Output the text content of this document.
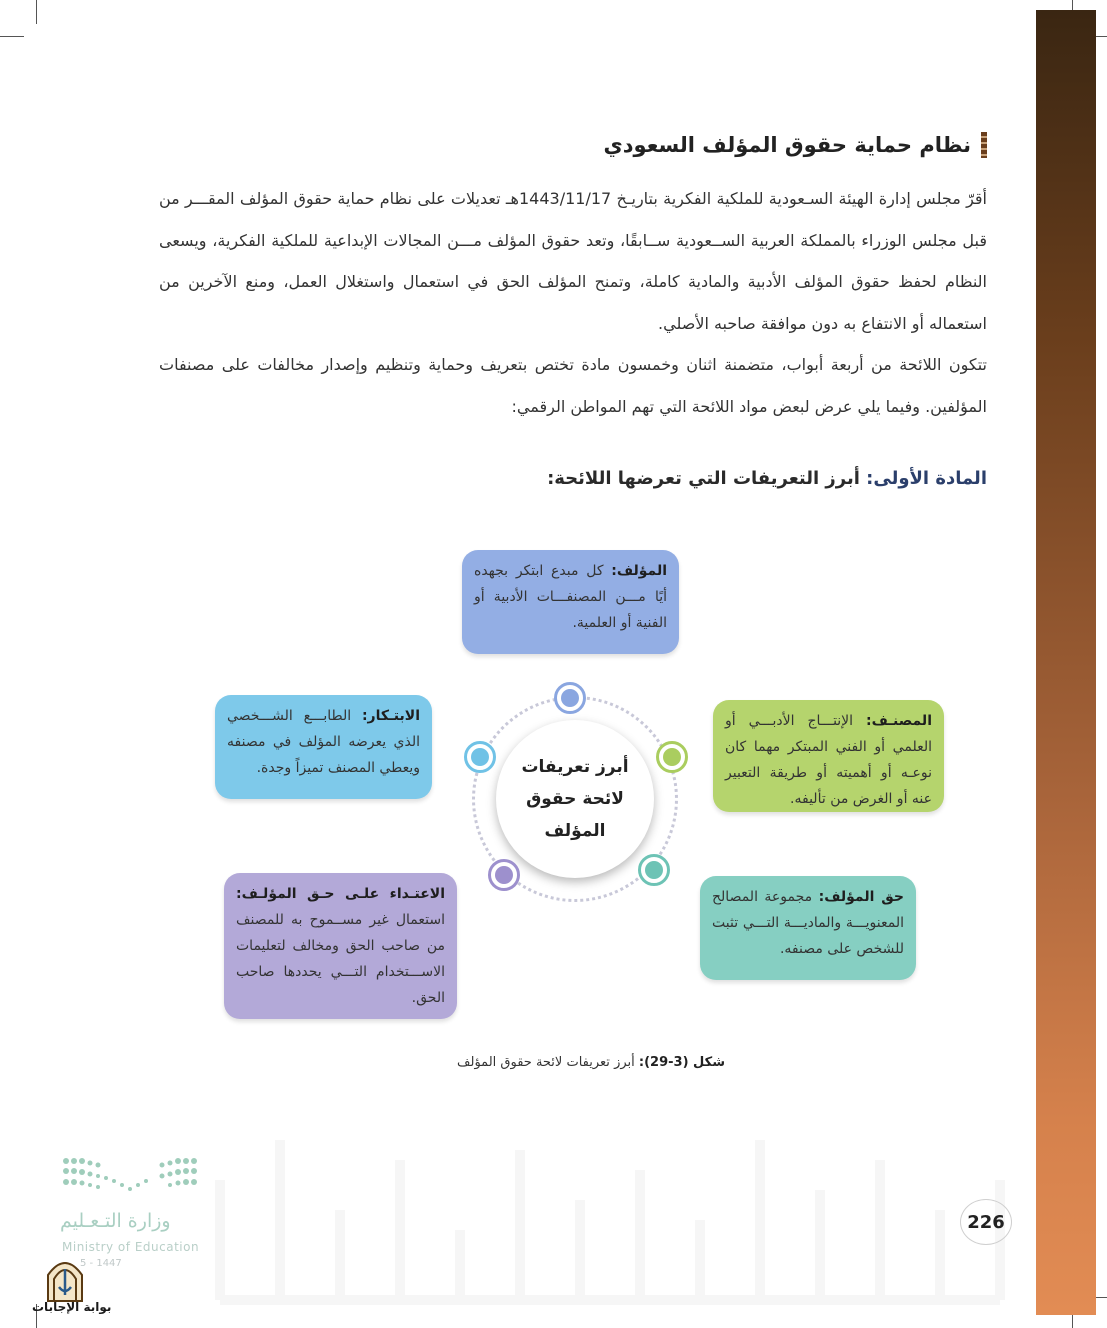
نظام حماية حقوق المؤلف السعودي

أقرّ مجلس إدارة الهيئة السـعودية للملكية الفكرية بتاريـخ 1443/11/17هـ تعديلات على نظام حماية حقوق المؤلف المقـــر من قبل مجلس الوزراء بالمملكة العربية الســعودية ســابقًا، وتعد حقوق المؤلف مـــن المجالات الإبداعية للملكية الفكرية، ويسعى النظام لحفظ حقوق المؤلف الأدبية والمادية كاملة، وتمنح المؤلف الحق في استعمال واستغلال العمل، ومنع الآخرين من استعماله أو الانتفاع به دون موافقة صاحبه الأصلي.

تتكون اللائحة من أربعة أبواب، متضمنة اثنان وخمسون مادة تختص بتعريف وحماية وتنظيم وإصدار مخالفات على مصنفات المؤلفين. وفيما يلي عرض لبعض مواد اللائحة التي تهم المواطن الرقمي:

المادة الأولى: أبرز التعريفات التي تعرضها اللائحة:
المؤلف: كل مبدع ابتكر بجهده أيًا مـــن المصنفـــات الأدبية أو الفنية أو العلمية.
المصنـف: الإنتـــاج الأدبـــي أو العلمي أو الفني المبتكر مهما كان نوعـه أو أهميته أو طريقة التعبير عنه أو الغرض من تأليفه.
الابتـكار: الطابـــع الشـــخصي الذي يعرضه المؤلف في مصنفه ويعطي المصنف تميزاً وجدة.
حق المؤلف: مجموعة المصالح المعنويـــة والماديـــة التـــي تثبت للشخص على مصنفه.
الاعتـداء علـى حـق المؤلـف: استعمال غير مســموح به للمصنف من صاحب الحق ومخالف لتعليمات الاســـتخدام التـــي يحددها صاحب الحق.
أبرز تعريفات
لائحة حقوق
المؤلف
شكل (3-29): أبرز تعريفات لائحة حقوق المؤلف
226
وزارة التـعـليم
Ministry of Education
5 - 1447
بوابة الإجابات
